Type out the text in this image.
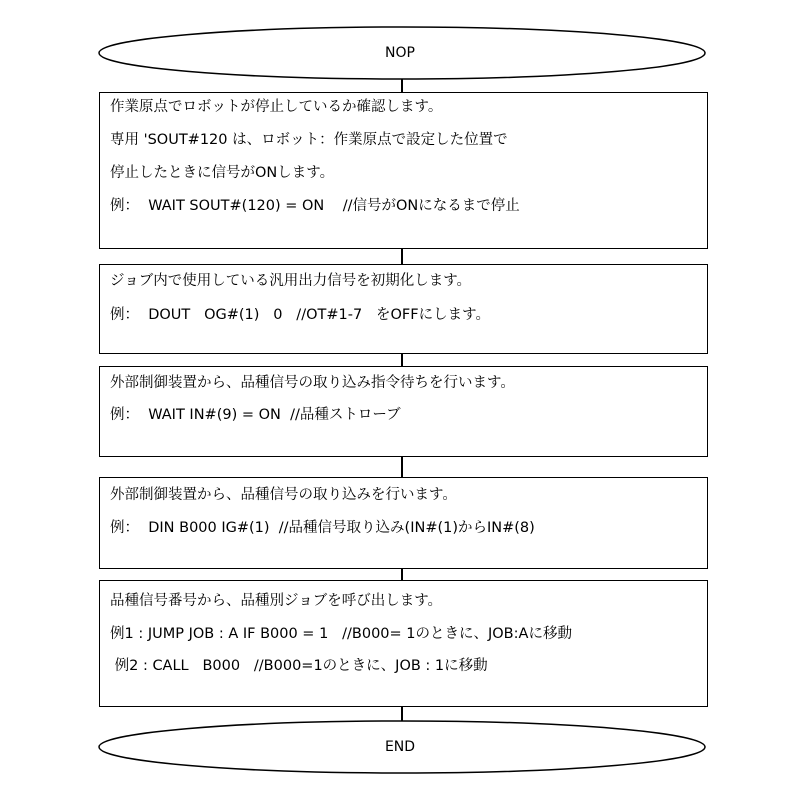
NOP
END
作業原点でロボットが停止しているか確認します。
専用 'SOUT#120 は、ロボット：作業原点で設定した位置で
停止したときに信号がONします。
例：  WAIT SOUT#(120) = ON    //信号がONになるまで停止
ジョブ内で使用している汎用出力信号を初期化します。
例：  DOUT   OG#(1)   0   //OT#1-7   をOFFにします。
外部制御装置から、品種信号の取り込み指令待ちを行います。
例：  WAIT IN#(9) = ON  //品種ストローブ
外部制御装置から、品種信号の取り込みを行います。
例：  DIN B000 IG#(1)  //品種信号取り込み(IN#(1)からIN#(8)
品種信号番号から、品種別ジョブを呼び出します。
例1 : JUMP JOB : A IF B000 = 1   //B000= 1のときに、JOB:Aに移動
例2 : CALL   B000   //B000=1のときに、JOB : 1に移動
